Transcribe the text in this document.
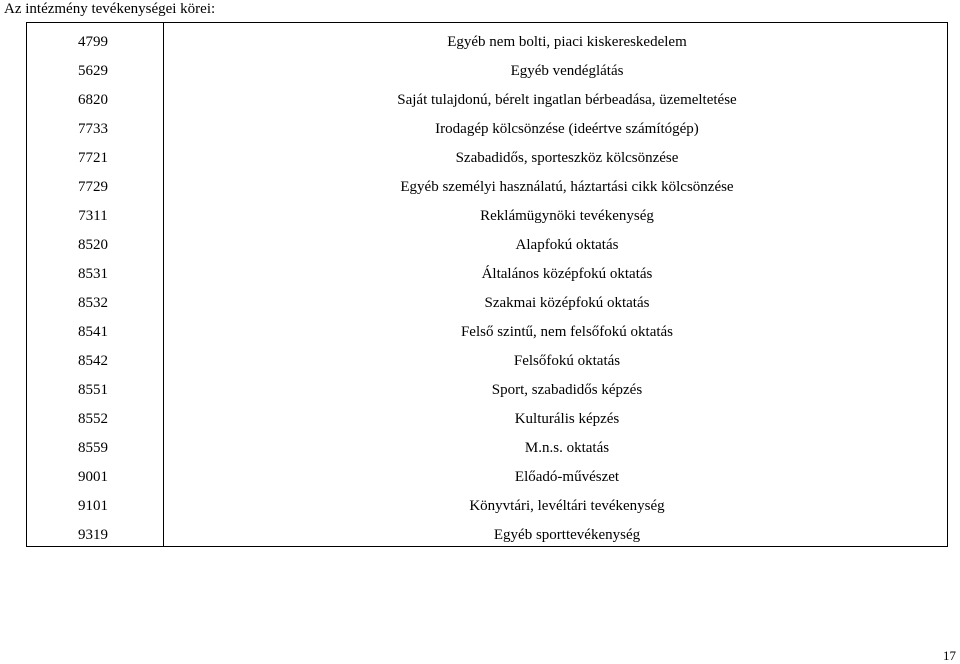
Az intézmény tevékenységei körei:
4799	Egyéb nem bolti, piaci kiskereskedelem
5629	Egyéb vendéglátás
6820	Saját tulajdonú, bérelt ingatlan bérbeadása, üzemeltetése
7733	Irodagép kölcsönzése (ideértve számítógép)
7721	Szabadidős, sporteszköz kölcsönzése
7729	Egyéb személyi használatú, háztartási cikk kölcsönzése
7311	Reklámügynöki tevékenység
8520	Alapfokú oktatás
8531	Általános középfokú oktatás
8532	Szakmai középfokú oktatás
8541	Felső szintű, nem felsőfokú oktatás
8542	Felsőfokú oktatás
8551	Sport, szabadidős képzés
8552	Kulturális képzés
8559	M.n.s. oktatás
9001	Előadó-művészet
9101	Könyvtári, levéltári tevékenység
9319	Egyéb sporttevékenység
17
